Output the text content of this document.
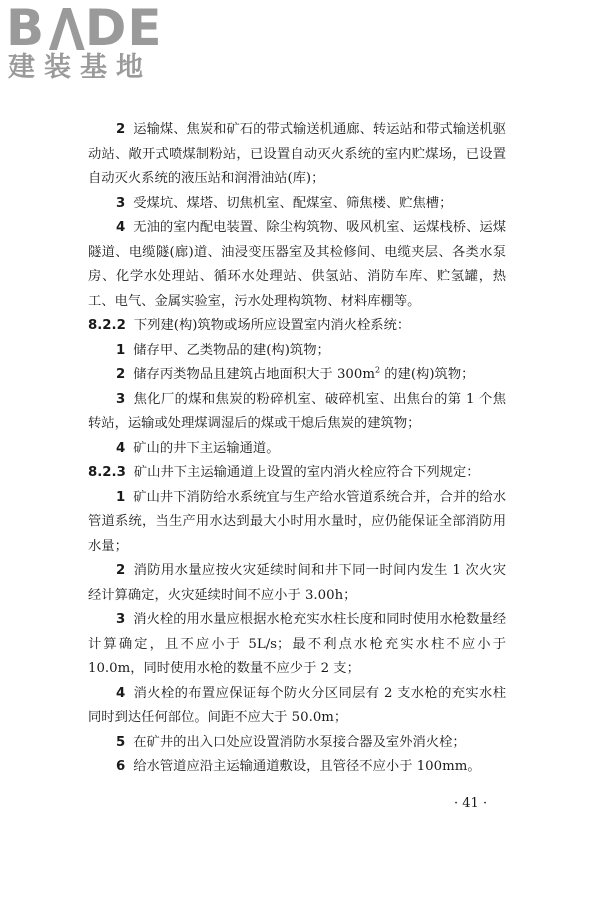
B DE
建装基地

2 运输煤、焦炭和矿石的带式输送机通廊、转运站和带式输送机驱动站、敞开式喷煤制粉站，已设置自动灭火系统的室内贮煤场，已设置自动灭火系统的液压站和润滑油站(库)；

3 受煤坑、煤塔、切焦机室、配煤室、筛焦楼、贮焦槽；

4 无油的室内配电装置、除尘构筑物、吸风机室、运煤栈桥、运煤隧道、电缆隧(廊)道、油浸变压器室及其检修间、电缆夹层、各类水泵房、化学水处理站、循环水处理站、供氢站、消防车库、贮氢罐，热工、电气、金属实验室，污水处理构筑物、材料库棚等。

8.2.2 下列建(构)筑物或场所应设置室内消火栓系统：

1 储存甲、乙类物品的建(构)筑物；

2 储存丙类物品且建筑占地面积大于 $300m^2$ 的建(构)筑物；

3 焦化厂的煤和焦炭的粉碎机室、破碎机室、出焦台的第 1 个焦转站，运输或处理煤调湿后的煤或干熄后焦炭的建筑物；

4 矿山的井下主运输通道。

8.2.3 矿山井下主运输通道上设置的室内消火栓应符合下列规定：

1 矿山井下消防给水系统宜与生产给水管道系统合并，合并的给水管道系统，当生产用水达到最大小时用水量时，应仍能保证全部消防用水量；

2 消防用水量应按火灾延续时间和井下同一时间内发生 1 次火灾经计算确定，火灾延续时间不应小于 3.00h；

3 消火栓的用水量应根据水枪充实水柱长度和同时使用水枪数量经计算确定，且不应小于 5L/s；最不利点水枪充实水柱不应小于 10.0m，同时使用水枪的数量不应少于 2 支；

4 消火栓的布置应保证每个防火分区同层有 2 支水枪的充实水柱同时到达任何部位。间距不应大于 50.0m；

5 在矿井的出入口处应设置消防水泵接合器及室外消火栓；

6 给水管道应沿主运输通道敷设，且管径不应小于 100mm。

· 41 ·
